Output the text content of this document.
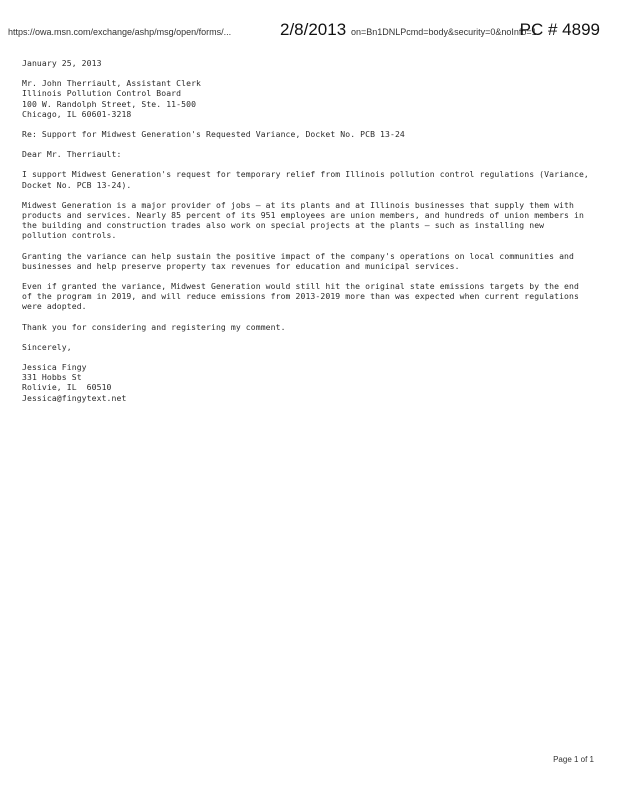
https://owa.msn.com/exchange/ashp/msg/open/forms/...	2/8/2013 on=Bn1DNLPcmd=body&security=0&noInfo=1
PC # 4899

January 25, 2013

Mr. John Therriault, Assistant Clerk
Illinois Pollution Control Board
100 W. Randolph Street, Ste. 11-500
Chicago, IL 60601-3218

Re: Support for Midwest Generation's Requested Variance, Docket No. PCB 13-24

Dear Mr. Therriault:

I support Midwest Generation's request for temporary relief from Illinois pollution control regulations (Variance, Docket No. PCB 13-24).

Midwest Generation is a major provider of jobs – at its plants and at Illinois businesses that supply them with products and services. Nearly 85 percent of its 951 employees are union members, and hundreds of union members in the building and construction trades also work on special projects at the plants – such as installing new pollution controls.

Granting the variance can help sustain the positive impact of the company's operations on local communities and businesses and help preserve property tax revenues for education and municipal services.

Even if granted the variance, Midwest Generation would still hit the original state emissions targets by the end of the program in 2019, and will reduce emissions from 2013-2019 more than was expected when current regulations were adopted.

Thank you for considering and registering my comment.

Sincerely,

Jessica Fingy
331 Hobbs St
Rolivie, IL  60510
Jessica@fingytext.net
Page 1 of 1
